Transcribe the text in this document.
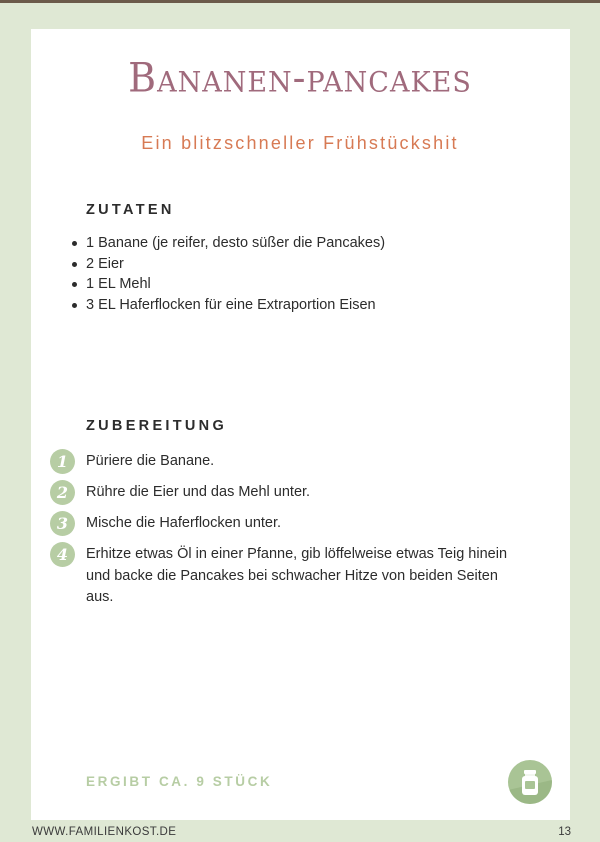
Bananen-pancakes
Ein blitzschneller Frühstückshit
ZUTATEN
1 Banane (je reifer, desto süßer die Pancakes)
2 Eier
1 EL Mehl
3 EL Haferflocken für eine Extraportion Eisen
ZUBEREITUNG
1	Püriere die Banane.
2	Rühre die Eier und das Mehl unter.
3	Mische die Haferflocken unter.
4	Erhitze etwas Öl in einer Pfanne, gib löffelweise etwas Teig hinein und backe die Pancakes bei schwacher Hitze von beiden Seiten aus.
ERGIBT CA. 9 STÜCK
WWW.FAMILIENKOST.DE	13
